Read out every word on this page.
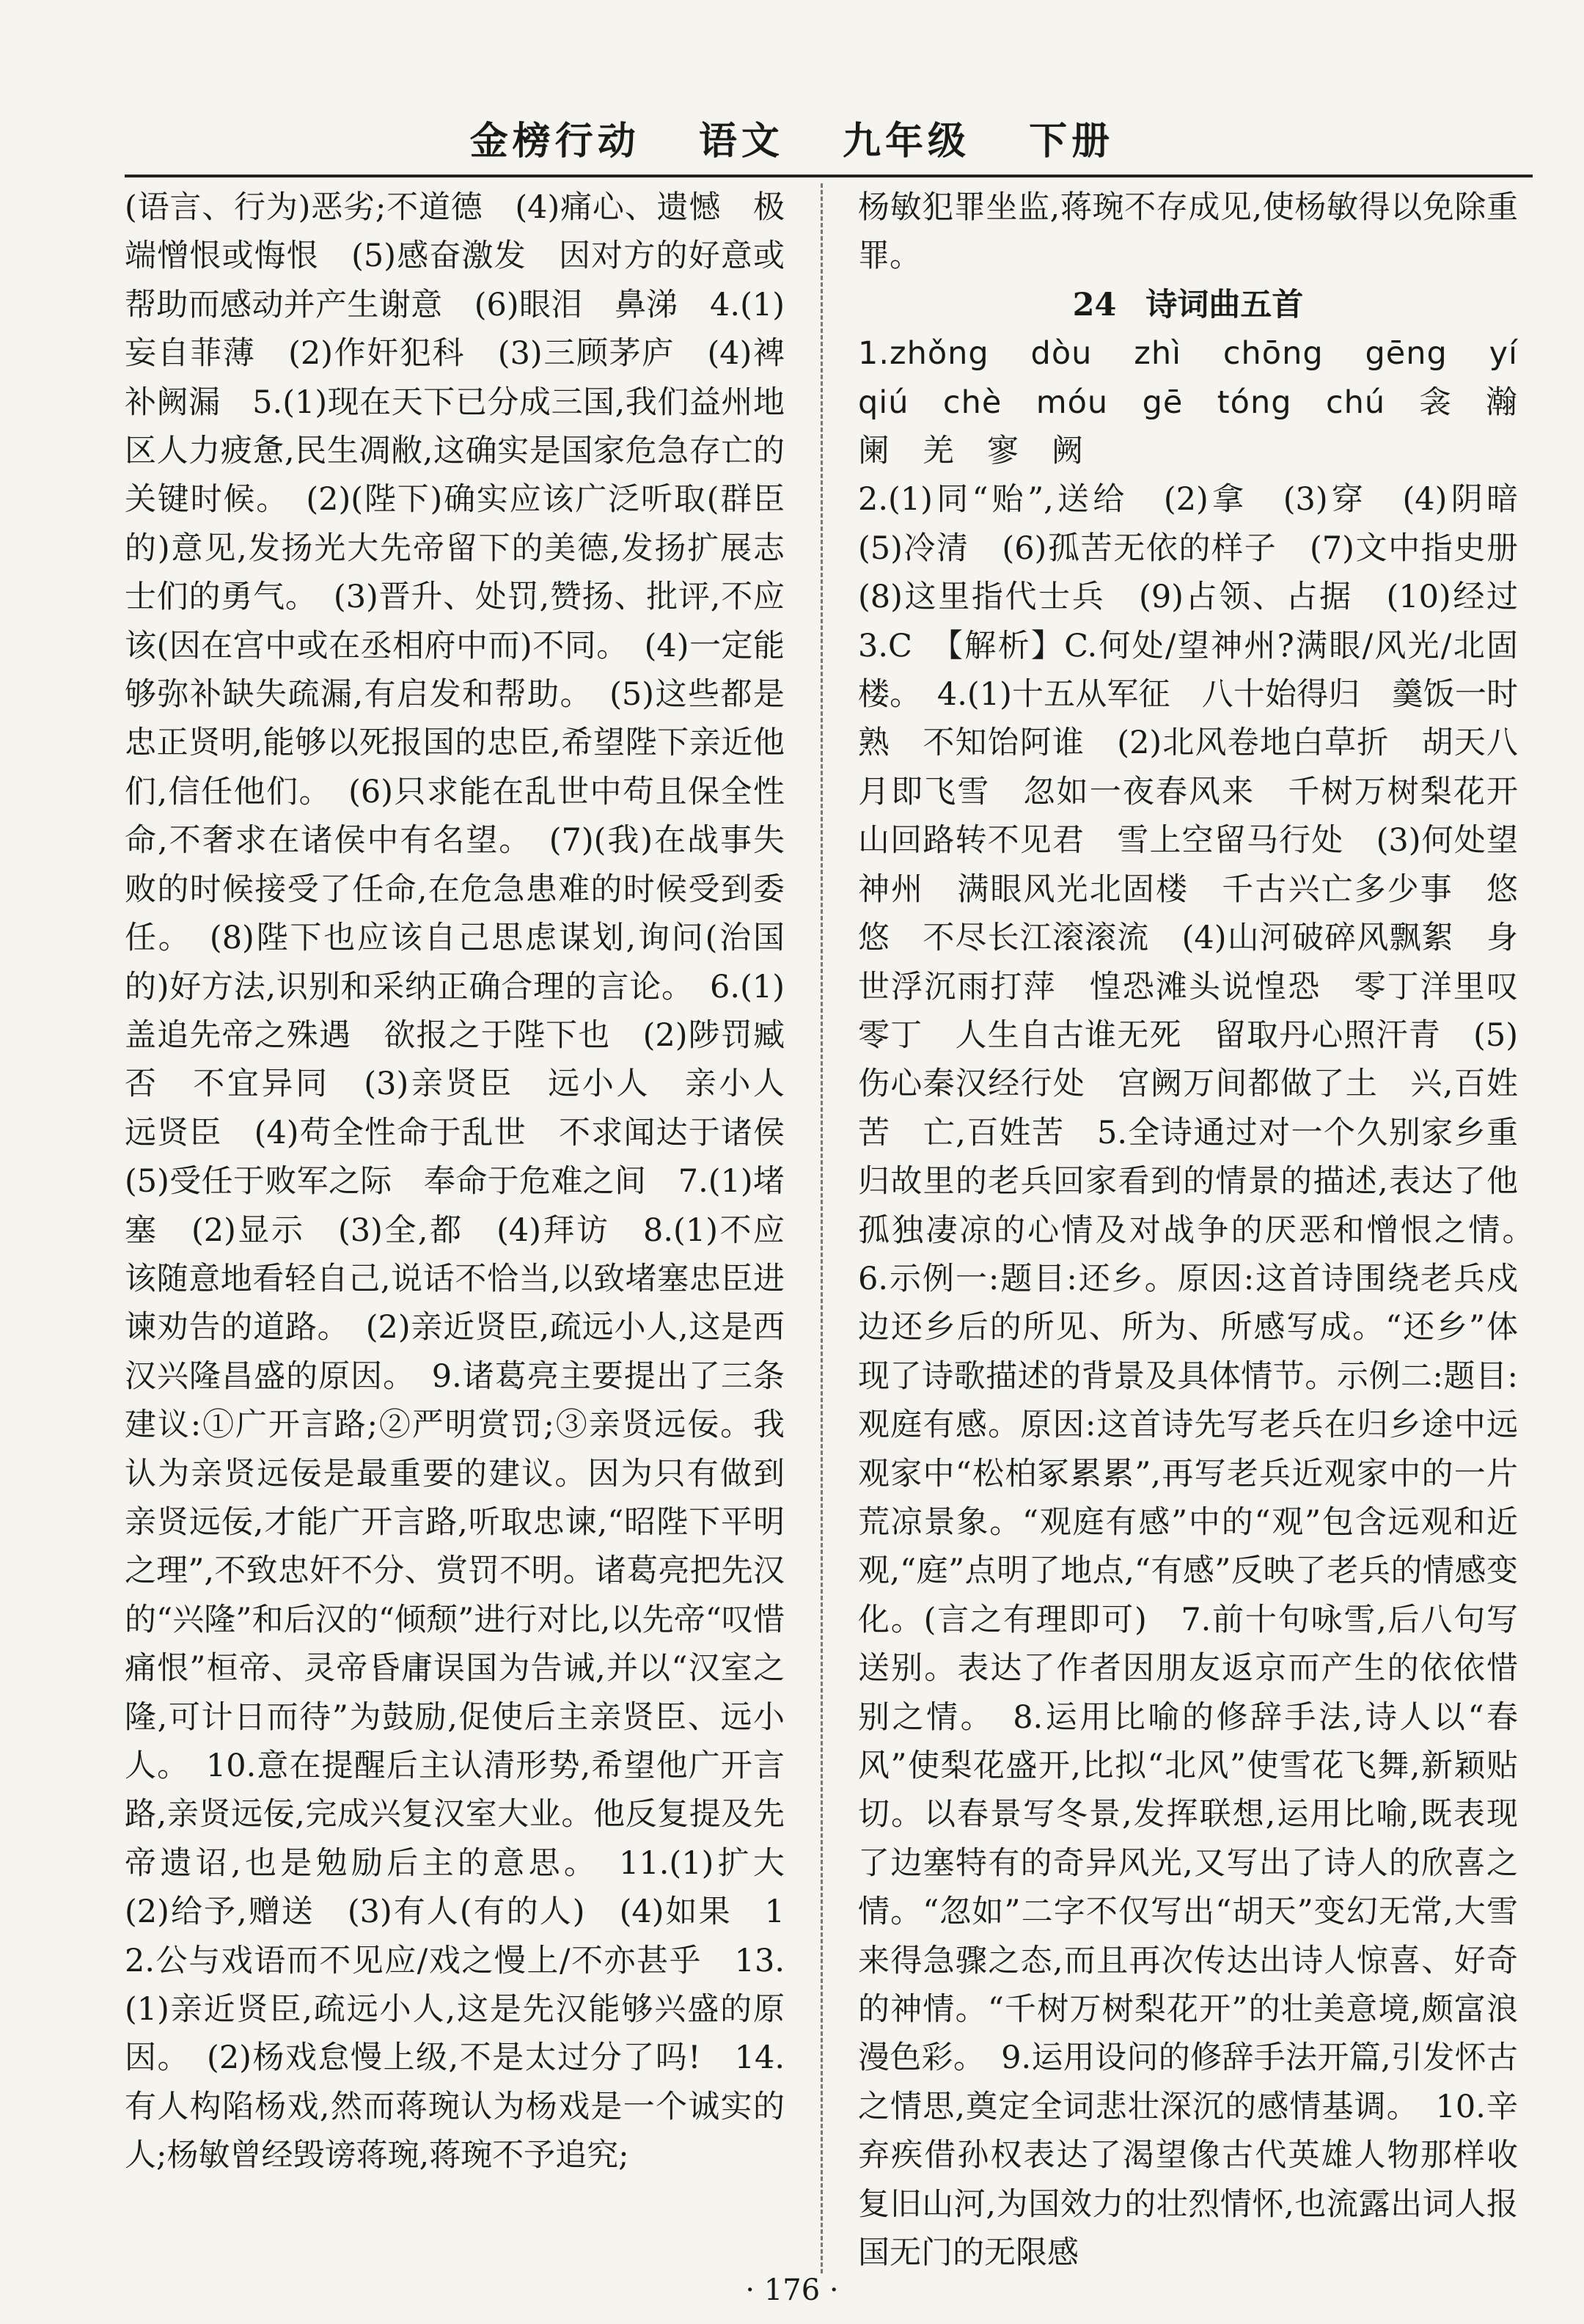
金榜行动 语文 九年级 下册

(语言、行为)恶劣;不道德　(4)痛心、遗憾　极端憎恨或悔恨　(5)感奋激发　因对方的好意或帮助而感动并产生谢意　(6)眼泪　鼻涕　4.(1)妄自菲薄　(2)作奸犯科　(3)三顾茅庐　(4)裨补阙漏　5.(1)现在天下已分成三国,我们益州地区人力疲惫,民生凋敝,这确实是国家危急存亡的关键时候。　(2)(陛下)确实应该广泛听取(群臣的)意见,发扬光大先帝留下的美德,发扬扩展志士们的勇气。　(3)晋升、处罚,赞扬、批评,不应该(因在宫中或在丞相府中而)不同。　(4)一定能够弥补缺失疏漏,有启发和帮助。　(5)这些都是忠正贤明,能够以死报国的忠臣,希望陛下亲近他们,信任他们。　(6)只求能在乱世中苟且保全性命,不奢求在诸侯中有名望。　(7)(我)在战事失败的时候接受了任命,在危急患难的时候受到委任。　(8)陛下也应该自己思虑谋划,询问(治国的)好方法,识别和采纳正确合理的言论。　6.(1)盖追先帝之殊遇　欲报之于陛下也　(2)陟罚臧否　不宜异同　(3)亲贤臣　远小人　亲小人　远贤臣　(4)苟全性命于乱世　不求闻达于诸侯　(5)受任于败军之际　奉命于危难之间　7.(1)堵塞　(2)显示　(3)全,都　(4)拜访　8.(1)不应该随意地看轻自己,说话不恰当,以致堵塞忠臣进谏劝告的道路。　(2)亲近贤臣,疏远小人,这是西汉兴隆昌盛的原因。　9.诸葛亮主要提出了三条建议:①广开言路;②严明赏罚;③亲贤远佞。我认为亲贤远佞是最重要的建议。因为只有做到亲贤远佞,才能广开言路,听取忠谏,“昭陛下平明之理”,不致忠奸不分、赏罚不明。诸葛亮把先汉的“兴隆”和后汉的“倾颓”进行对比,以先帝“叹惜痛恨”桓帝、灵帝昏庸误国为告诫,并以“汉室之隆,可计日而待”为鼓励,促使后主亲贤臣、远小人。　10.意在提醒后主认清形势,希望他广开言路,亲贤远佞,完成兴复汉室大业。他反复提及先帝遗诏,也是勉励后主的意思。　11.(1)扩大　(2)给予,赠送　(3)有人(有的人)　(4)如果　12.公与戏语而不见应/戏之慢上/不亦甚乎　13.(1)亲近贤臣,疏远小人,这是先汉能够兴盛的原因。　(2)杨戏怠慢上级,不是太过分了吗!　14.有人构陷杨戏,然而蒋琬认为杨戏是一个诚实的人;杨敏曾经毁谤蒋琬,蒋琬不予追究;

杨敏犯罪坐监,蒋琬不存成见,使杨敏得以免除重罪。

24 诗词曲五首

1.zhǒng　dòu　zhì　chōng　gēng　yí　qiú　chè　móu　gē　tóng　chú　衾　瀚　阑　羌　寥　阙

2.(1)同“贻”,送给　(2)拿　(3)穿　(4)阴暗　(5)冷清　(6)孤苦无依的样子　(7)文中指史册　(8)这里指代士兵　(9)占领、占据　(10)经过　3.C　【解析】C.何处/望神州?满眼/风光/北固楼。　4.(1)十五从军征　八十始得归　羹饭一时熟　不知饴阿谁　(2)北风卷地白草折　胡天八月即飞雪　忽如一夜春风来　千树万树梨花开　山回路转不见君　雪上空留马行处　(3)何处望神州　满眼风光北固楼　千古兴亡多少事　悠悠　不尽长江滚滚流　(4)山河破碎风飘絮　身世浮沉雨打萍　惶恐滩头说惶恐　零丁洋里叹零丁　人生自古谁无死　留取丹心照汗青　(5)伤心秦汉经行处　宫阙万间都做了土　兴,百姓苦　亡,百姓苦　5.全诗通过对一个久别家乡重归故里的老兵回家看到的情景的描述,表达了他孤独凄凉的心情及对战争的厌恶和憎恨之情。　6.示例一:题目:还乡。原因:这首诗围绕老兵戍边还乡后的所见、所为、所感写成。“还乡”体现了诗歌描述的背景及具体情节。示例二:题目:观庭有感。原因:这首诗先写老兵在归乡途中远观家中“松柏冢累累”,再写老兵近观家中的一片荒凉景象。“观庭有感”中的“观”包含远观和近观,“庭”点明了地点,“有感”反映了老兵的情感变化。(言之有理即可)　7.前十句咏雪,后八句写送别。表达了作者因朋友返京而产生的依依惜别之情。　8.运用比喻的修辞手法,诗人以“春风”使梨花盛开,比拟“北风”使雪花飞舞,新颖贴切。以春景写冬景,发挥联想,运用比喻,既表现了边塞特有的奇异风光,又写出了诗人的欣喜之情。“忽如”二字不仅写出“胡天”变幻无常,大雪来得急骤之态,而且再次传达出诗人惊喜、好奇的神情。“千树万树梨花开”的壮美意境,颇富浪漫色彩。　9.运用设问的修辞手法开篇,引发怀古之情思,奠定全词悲壮深沉的感情基调。　10.辛弃疾借孙权表达了渴望像古代英雄人物那样收复旧山河,为国效力的壮烈情怀,也流露出词人报国无门的无限感

· 176 ·
